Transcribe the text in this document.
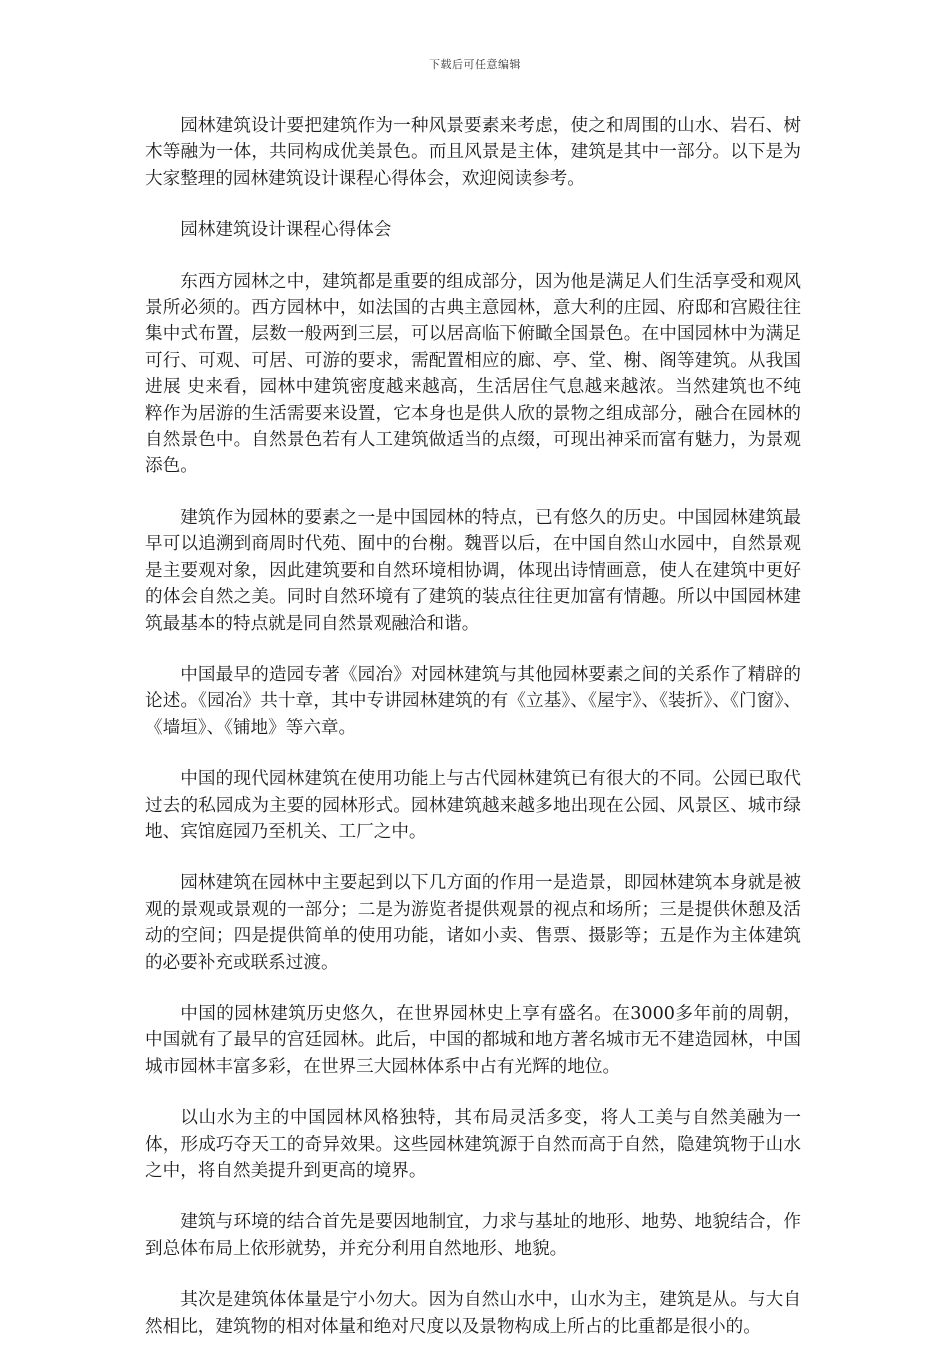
下载后可任意编辑

园林建筑设计要把建筑作为一种风景要素来考虑，使之和周围的山水、岩石、树木等融为一体，共同构成优美景色。而且风景是主体，建筑是其中一部分。以下是为大家整理的园林建筑设计课程心得体会，欢迎阅读参考。

园林建筑设计课程心得体会

东西方园林之中，建筑都是重要的组成部分，因为他是满足人们生活享受和观风景所必须的。西方园林中，如法国的古典主意园林，意大利的庄园、府邸和宫殿往往集中式布置，层数一般两到三层，可以居高临下俯瞰全国景色。在中国园林中为满足可行、可观、可居、可游的要求，需配置相应的廊、亭、堂、榭、阁等建筑。从我国 进展 史来看，园林中建筑密度越来越高，生活居住气息越来越浓。当然建筑也不纯粹作为居游的生活需要来设置，它本身也是供人欣的景物之组成部分，融合在园林的自然景色中。自然景色若有人工建筑做适当的点缀，可现出神采而富有魅力，为景观添色。

建筑作为园林的要素之一是中国园林的特点，已有悠久的历史。中国园林建筑最早可以追溯到商周时代苑、囿中的台榭。魏晋以后，在中国自然山水园中，自然景观是主要观对象，因此建筑要和自然环境相协调，体现出诗情画意，使人在建筑中更好的体会自然之美。同时自然环境有了建筑的装点往往更加富有情趣。所以中国园林建筑最基本的特点就是同自然景观融洽和谐。

中国最早的造园专著《园冶》对园林建筑与其他园林要素之间的关系作了精辟的论述。《园冶》共十章，其中专讲园林建筑的有《立基》、《屋宇》、《装折》、《门窗》、《墙垣》、《铺地》等六章。

中国的现代园林建筑在使用功能上与古代园林建筑已有很大的不同。公园已取代过去的私园成为主要的园林形式。园林建筑越来越多地出现在公园、风景区、城市绿地、宾馆庭园乃至机关、工厂之中。

园林建筑在园林中主要起到以下几方面的作用一是造景，即园林建筑本身就是被观的景观或景观的一部分；二是为游览者提供观景的视点和场所；三是提供休憩及活动的空间；四是提供简单的使用功能，诸如小卖、售票、摄影等；五是作为主体建筑的必要补充或联系过渡。

中国的园林建筑历史悠久，在世界园林史上享有盛名。在3000多年前的周朝，中国就有了最早的宫廷园林。此后，中国的都城和地方著名城市无不建造园林，中国城市园林丰富多彩，在世界三大园林体系中占有光辉的地位。

以山水为主的中国园林风格独特，其布局灵活多变，将人工美与自然美融为一体，形成巧夺天工的奇异效果。这些园林建筑源于自然而高于自然，隐建筑物于山水之中，将自然美提升到更高的境界。

建筑与环境的结合首先是要因地制宜，力求与基址的地形、地势、地貌结合，作到总体布局上依形就势，并充分利用自然地形、地貌。

其次是建筑体体量是宁小勿大。因为自然山水中，山水为主，建筑是从。与大自然相比，建筑物的相对体量和绝对尺度以及景物构成上所占的比重都是很小的。
